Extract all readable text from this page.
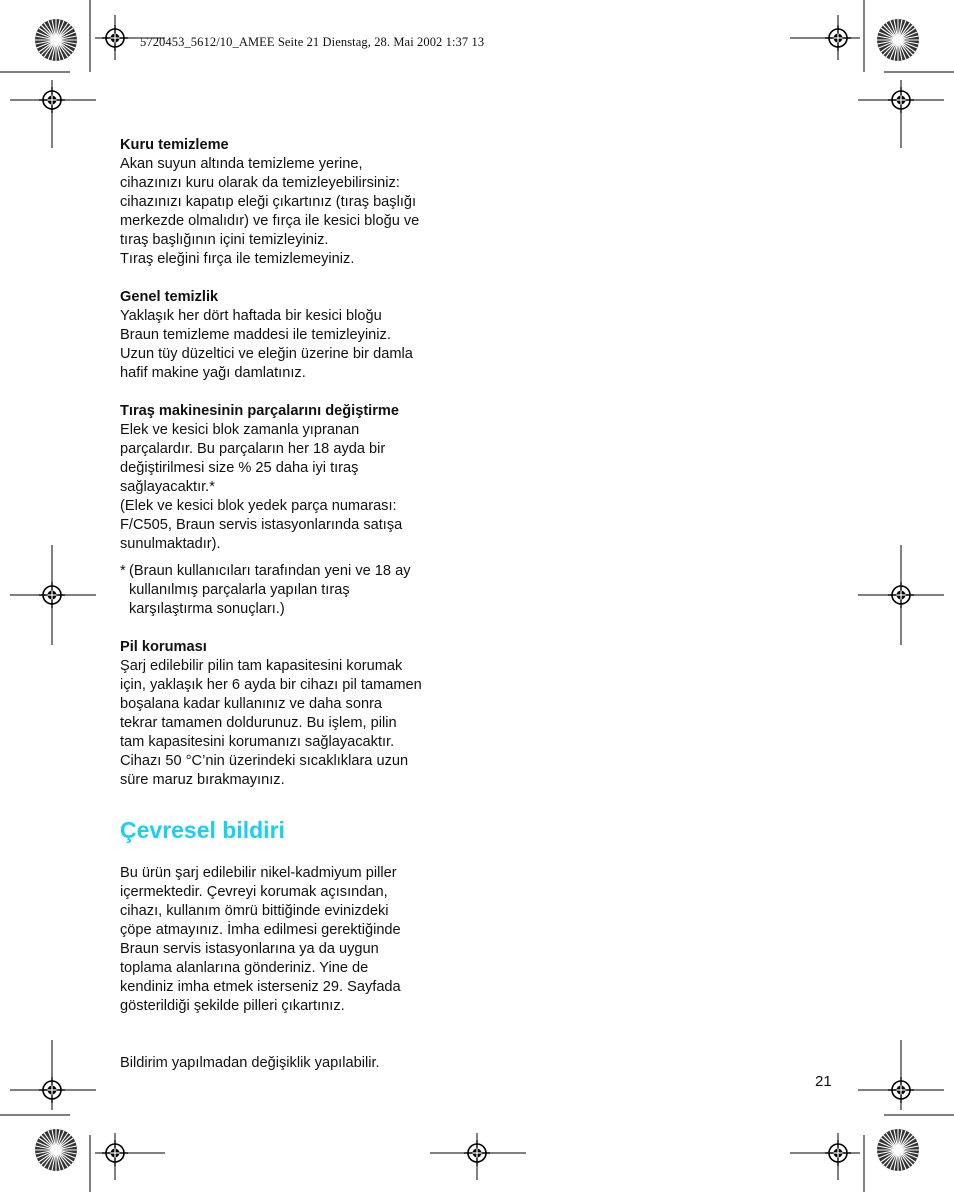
5720453_5612/10_AMEE Seite 21 Dienstag, 28. Mai 2002 1:37 13
Kuru temizleme
Akan suyun altında temizleme yerine,
cihazınızı kuru olarak da temizleyebilirsiniz:
cihazınızı kapatıp eleği çıkartınız (tıraş başlığı
merkezde olmalıdır) ve fırça ile kesici bloğu ve
tıraş başlığının içini temizleyiniz.
Tıraş eleğini fırça ile temizlemeyiniz.
Genel temizlik
Yaklaşık her dört haftada bir kesici bloğu
Braun temizleme maddesi ile temizleyiniz.
Uzun tüy düzeltici ve eleğin üzerine bir damla
hafif makine yağı damlatınız.
Tıraş makinesinin parçalarını değiştirme
Elek ve kesici blok zamanla yıpranan
parçalardır. Bu parçaların her 18 ayda bir
değiştirilmesi size % 25 daha iyi tıraş
sağlayacaktır.*
(Elek ve kesici blok yedek parça numarası:
F/C505, Braun servis istasyonlarında satışa
sunulmaktadır).
* (Braun kullanıcıları tarafından yeni ve 18 ay
kullanılmış parçalarla yapılan tıraş
karşılaştırma sonuçları.)
Pil koruması
Şarj edilebilir pilin tam kapasitesini korumak
için, yaklaşık her 6 ayda bir cihazı pil tamamen
boşalana kadar kullanınız ve daha sonra
tekrar tamamen doldurunuz. Bu işlem, pilin
tam kapasitesini korumanızı sağlayacaktır.
Cihazı 50 °C’nin üzerindeki sıcaklıklara uzun
süre maruz bırakmayınız.
Çevresel bildiri
Bu ürün şarj edilebilir nikel-kadmiyum piller
içermektedir. Çevreyi korumak açısından,
cihazı, kullanım ömrü bittiğinde evinizdeki
çöpe atmayınız. İmha edilmesi gerektiğinde
Braun servis istasyonlarına ya da uygun
toplama alanlarına gönderiniz. Yine de
kendiniz imha etmek isterseniz 29. Sayfada
gösterildiği şekilde pilleri çıkartınız.
Bildirim yapılmadan değişiklik yapılabilir.
21
